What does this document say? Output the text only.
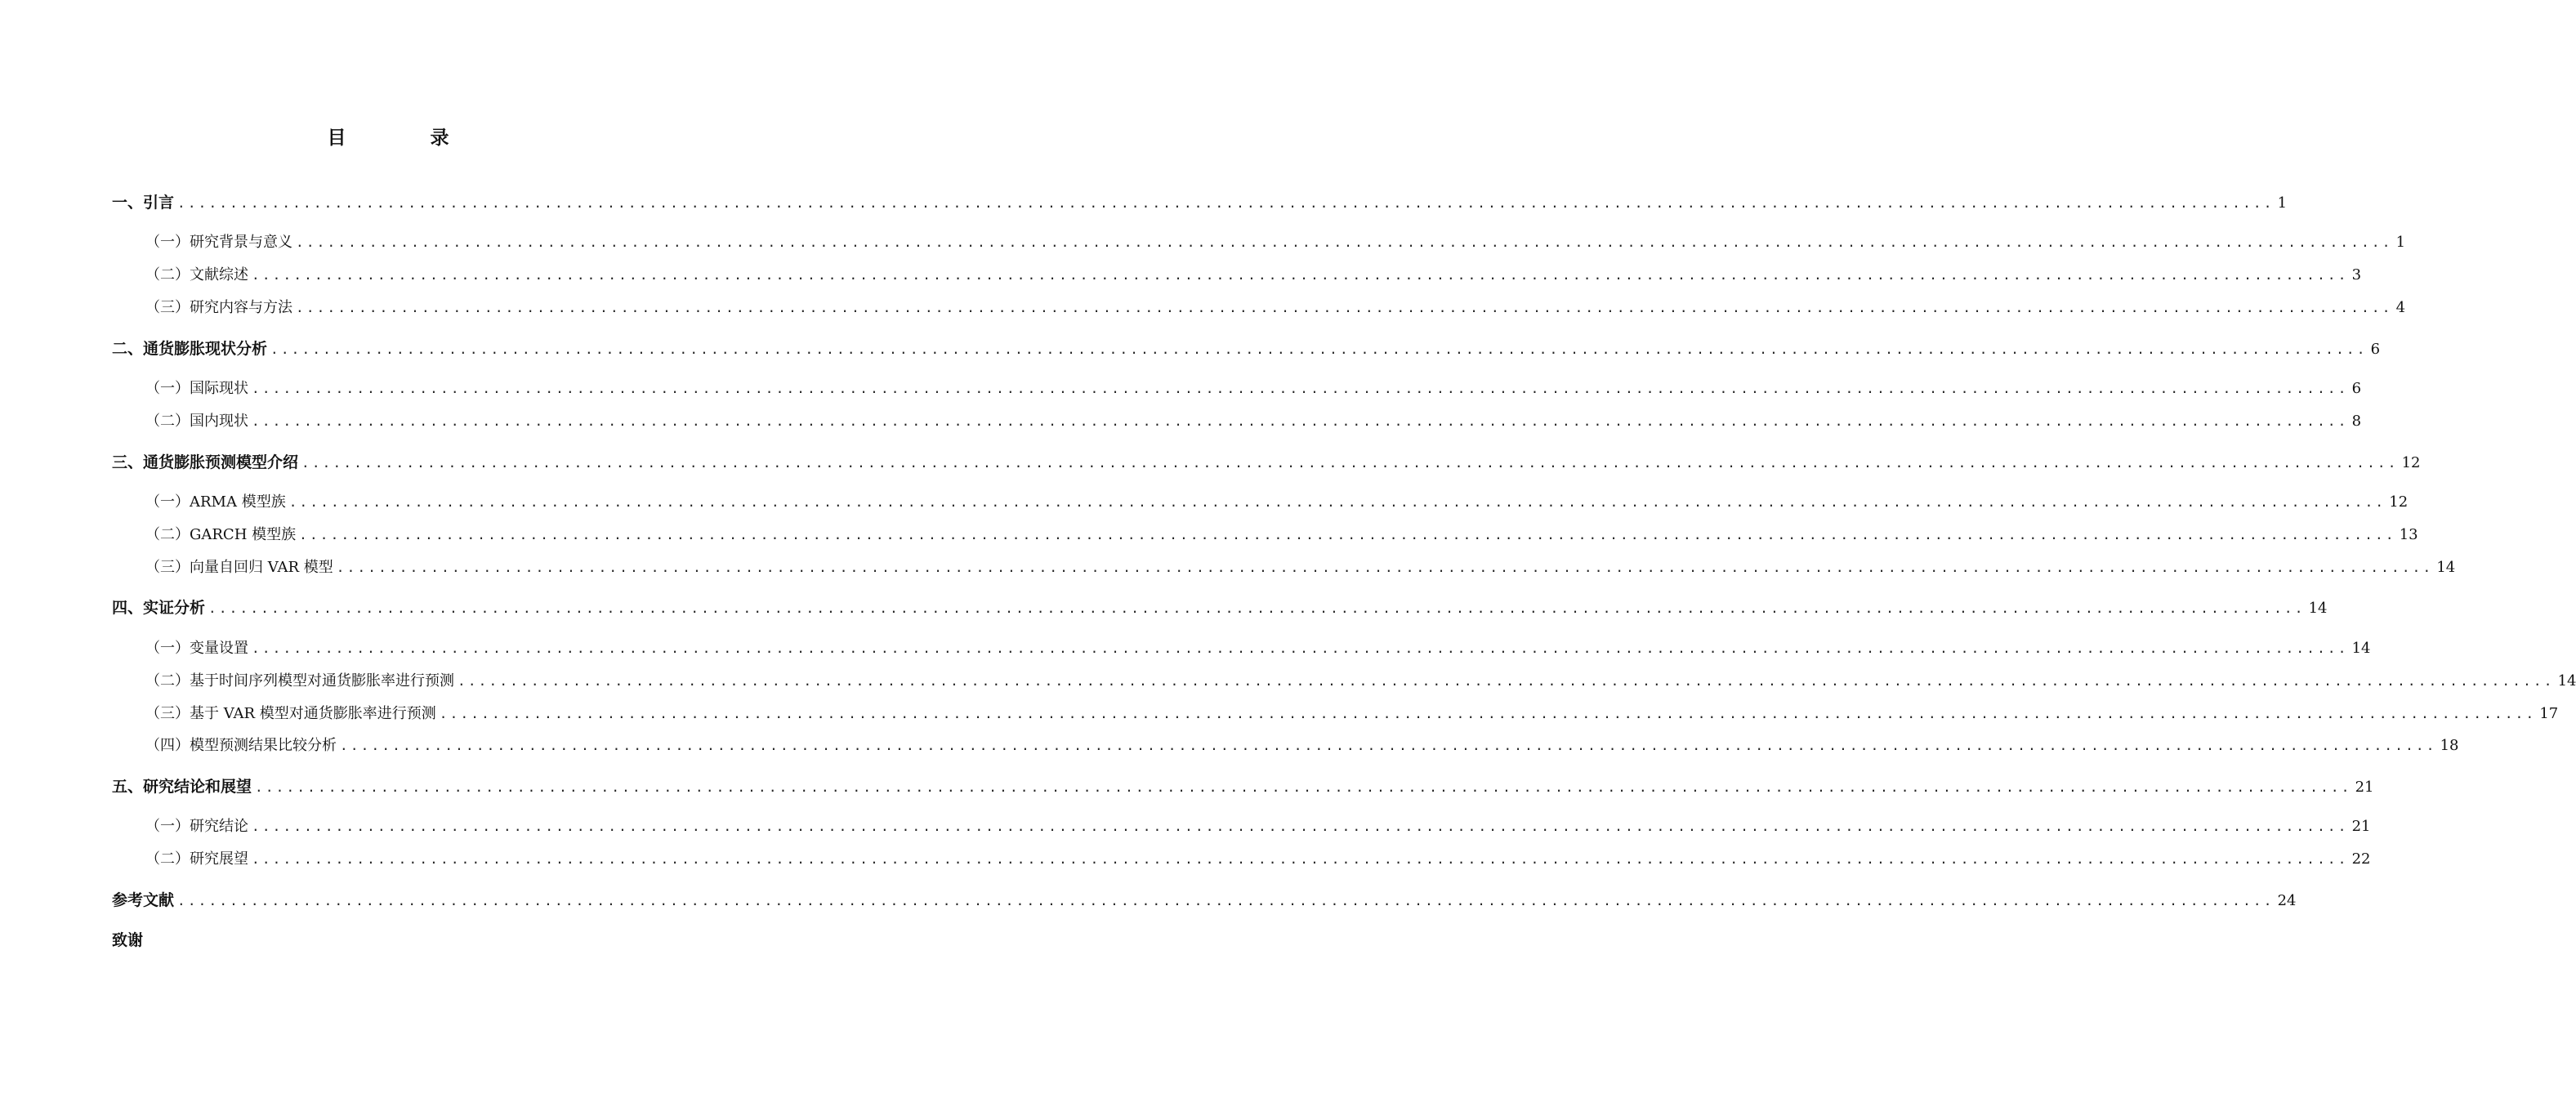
目　录
一、引言 ........................................................................................................................................................................................................ 1
（一）研究背景与意义 ........................................................................................................................................................................................................ 1
（二）文献综述 ........................................................................................................................................................................................................ 3
（三）研究内容与方法 ........................................................................................................................................................................................................ 4
二、通货膨胀现状分析 ........................................................................................................................................................................................................ 6
（一）国际现状 ........................................................................................................................................................................................................ 6
（二）国内现状 ........................................................................................................................................................................................................ 8
三、通货膨胀预测模型介绍 ........................................................................................................................................................................................................ 12
（一）ARMA 模型族 ........................................................................................................................................................................................................ 12
（二）GARCH 模型族 ........................................................................................................................................................................................................ 13
（三）向量自回归 VAR 模型 ........................................................................................................................................................................................................ 14
四、实证分析 ........................................................................................................................................................................................................ 14
（一）变量设置 ........................................................................................................................................................................................................ 14
（二）基于时间序列模型对通货膨胀率进行预测 ........................................................................................................................................................................................................ 14
（三）基于 VAR 模型对通货膨胀率进行预测 ........................................................................................................................................................................................................ 17
（四）模型预测结果比较分析 ........................................................................................................................................................................................................ 18
五、研究结论和展望 ........................................................................................................................................................................................................ 21
（一）研究结论 ........................................................................................................................................................................................................ 21
（二）研究展望 ........................................................................................................................................................................................................ 22
参考文献 ........................................................................................................................................................................................................ 24
致谢
